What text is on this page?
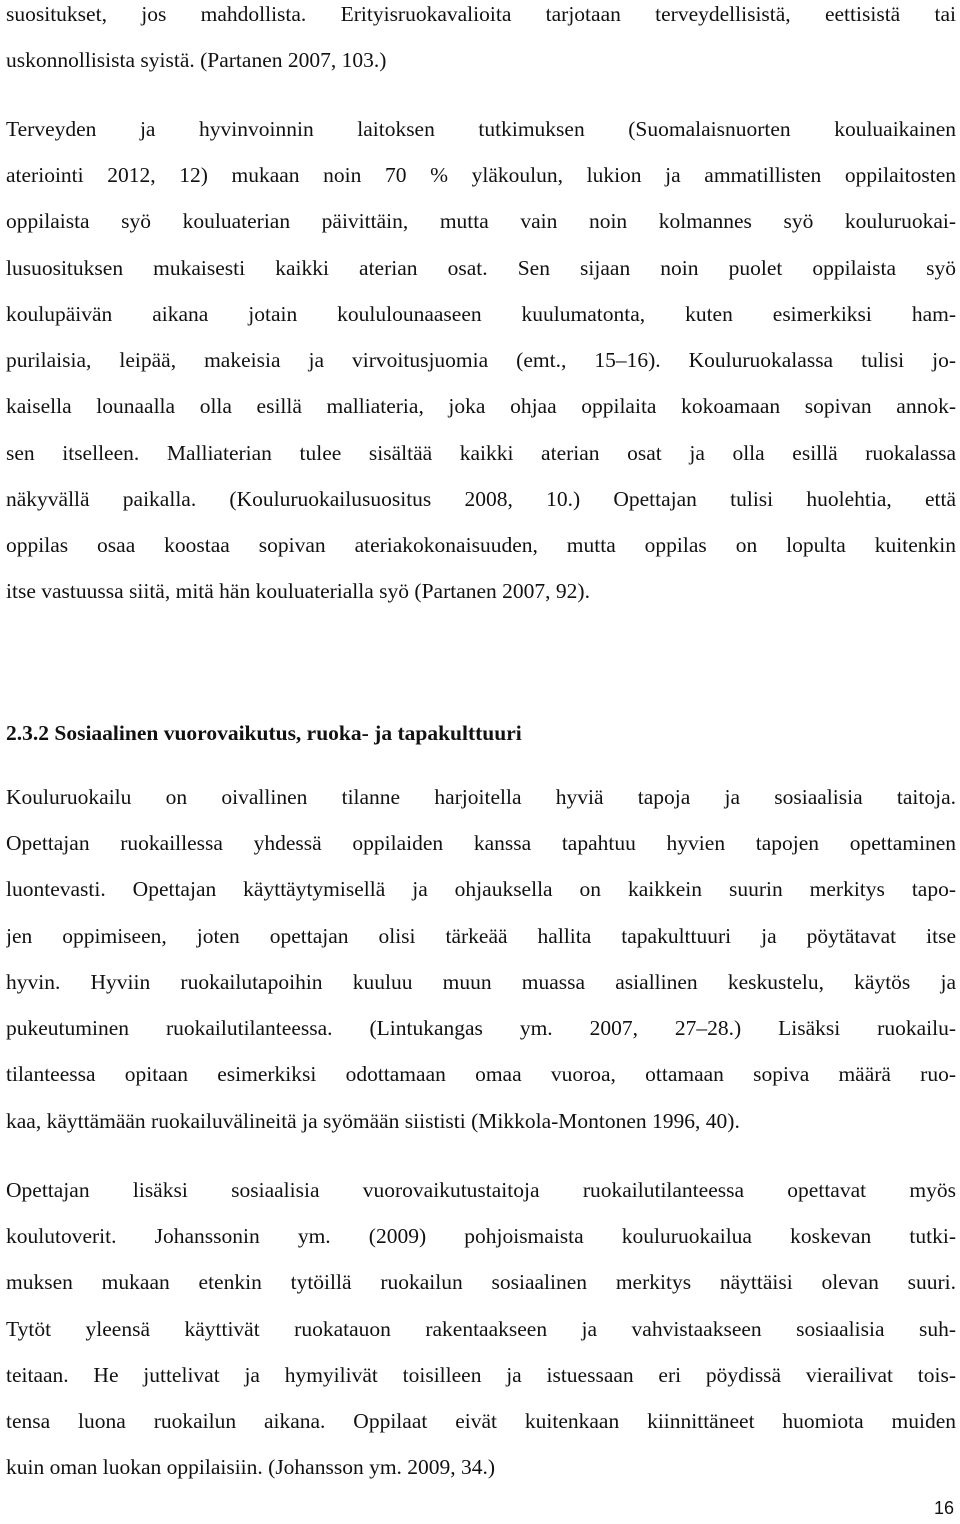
suositukset, jos mahdollista. Erityisruokavalioita tarjotaan terveydellisistä, eettisistä tai
uskonnollisista syistä. (Partanen 2007, 103.)
Terveyden ja hyvinvoinnin laitoksen tutkimuksen (Suomalaisnuorten kouluaikainen
ateriointi 2012, 12) mukaan noin 70 % yläkoulun, lukion ja ammatillisten oppilaitosten
oppilaista syö kouluaterian päivittäin, mutta vain noin kolmannes syö kouluruokai-
lusuosituksen mukaisesti kaikki aterian osat. Sen sijaan noin puolet oppilaista syö
koulupäivän aikana jotain koululounaaseen kuulumatonta, kuten esimerkiksi ham-
purilaisia, leipää, makeisia ja virvoitusjuomia (emt., 15–16). Kouluruokalassa tulisi jo-
kaisella lounaalla olla esillä malliateria, joka ohjaa oppilaita kokoamaan sopivan annok-
sen itselleen. Malliaterian tulee sisältää kaikki aterian osat ja olla esillä ruokalassa
näkyvällä paikalla. (Kouluruokailusuositus 2008, 10.) Opettajan tulisi huolehtia, että
oppilas osaa koostaa sopivan ateriakokonaisuuden, mutta oppilas on lopulta kuitenkin
itse vastuussa siitä, mitä hän kouluaterialla syö (Partanen 2007, 92).
2.3.2 Sosiaalinen vuorovaikutus, ruoka- ja tapakulttuuri
Kouluruokailu on oivallinen tilanne harjoitella hyviä tapoja ja sosiaalisia taitoja.
Opettajan ruokaillessa yhdessä oppilaiden kanssa tapahtuu hyvien tapojen opettaminen
luontevasti. Opettajan käyttäytymisellä ja ohjauksella on kaikkein suurin merkitys tapo-
jen oppimiseen, joten opettajan olisi tärkeää hallita tapakulttuuri ja pöytätavat itse
hyvin. Hyviin ruokailutapoihin kuuluu muun muassa asiallinen keskustelu, käytös ja
pukeutuminen ruokailutilanteessa. (Lintukangas ym. 2007, 27–28.) Lisäksi ruokailu-
tilanteessa opitaan esimerkiksi odottamaan omaa vuoroa, ottamaan sopiva määrä ruo-
kaa, käyttämään ruokailuvälineitä ja syömään siististi (Mikkola-Montonen 1996, 40).
Opettajan lisäksi sosiaalisia vuorovaikutustaitoja ruokailutilanteessa opettavat myös
koulutoverit. Johanssonin ym. (2009) pohjoismaista kouluruokailua koskevan tutki-
muksen mukaan etenkin tytöillä ruokailun sosiaalinen merkitys näyttäisi olevan suuri.
Tytöt yleensä käyttivät ruokatauon rakentaakseen ja vahvistaakseen sosiaalisia suh-
teitaan. He juttelivat ja hymyilivät toisilleen ja istuessaan eri pöydissä vierailivat tois-
tensa luona ruokailun aikana. Oppilaat eivät kuitenkaan kiinnittäneet huomiota muiden
kuin oman luokan oppilaisiin. (Johansson ym. 2009, 34.)
16
